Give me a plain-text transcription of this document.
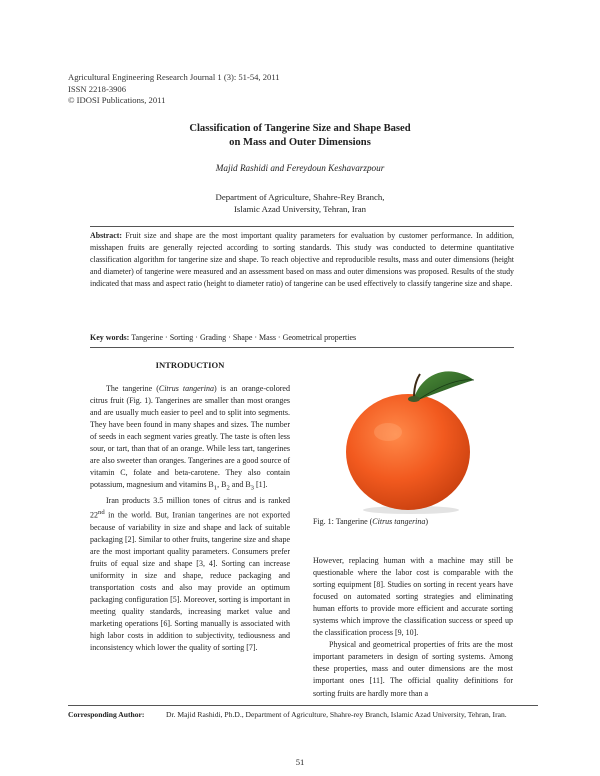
Agricultural Engineering Research Journal 1 (3): 51-54, 2011
ISSN 2218-3906
© IDOSI Publications, 2011
Classification of Tangerine Size and Shape Based
on Mass and Outer Dimensions
Majid Rashidi and Fereydoun Keshavarzpour
Department of Agriculture, Shahre-Rey Branch,
Islamic Azad University, Tehran, Iran
Abstract: Fruit size and shape are the most important quality parameters for evaluation by customer performance. In addition, misshapen fruits are generally rejected according to sorting standards. This study was conducted to determine quantitative classification algorithm for tangerine size and shape. To reach objective and reproducible results, mass and outer dimensions (height and diameter) of tangerine were measured and an assessment based on mass and outer dimensions was proposed. Results of the study indicated that mass and aspect ratio (height to diameter ratio) of tangerine can be used effectively to classify tangerine size and shape.
Key words: Tangerine · Sorting · Grading · Shape · Mass · Geometrical properties
INTRODUCTION

The tangerine (Citrus tangerina) is an orange-colored citrus fruit (Fig. 1). Tangerines are smaller than most oranges and are usually much easier to peel and to split into segments. They have been found in many shapes and sizes. The number of seeds in each segment varies greatly. The taste is often less sour, or tart, than that of an orange. While less tart, tangerines are also sweeter than oranges. Tangerines are a good source of vitamin C, folate and beta-carotene. They also contain potassium, magnesium and vitamins $B_1$, $B_2$ and $B_3$ [1].

Iran products 3.5 million tones of citrus and is ranked 22nd in the world. But, Iranian tangerines are not exported because of variability in size and shape and lack of suitable packaging [2]. Similar to other fruits, tangerine size and shape are the most important quality parameters. Consumers prefer fruits of equal size and shape [3, 4]. Sorting can increase uniformity in size and shape, reduce packaging and transportation costs and also may provide an optimum packaging configuration [5]. Moreover, sorting is important in meeting quality standards, increasing market value and marketing operations [6]. Sorting manually is associated with high labor costs in addition to subjectivity, tediousness and inconsistency which lower the quality of sorting [7].

Fig. 1: Tangerine (Citrus tangerina)

However, replacing human with a machine may still be questionable where the labor cost is comparable with the sorting equipment [8]. Studies on sorting in recent years have focused on automated sorting strategies and eliminating human efforts to provide more efficient and accurate sorting systems which improve the classification success or speed up the classification process [9, 10].

Physical and geometrical properties of frits are the most important parameters in design of sorting systems. Among these properties, mass and outer dimensions are the most important ones [11]. The official quality definitions for sorting fruits are hardly more than a

Corresponding Author:	Dr. Majid Rashidi, Ph.D., Department of Agriculture, Shahre-rey Branch, Islamic Azad University, Tehran, Iran.
51
